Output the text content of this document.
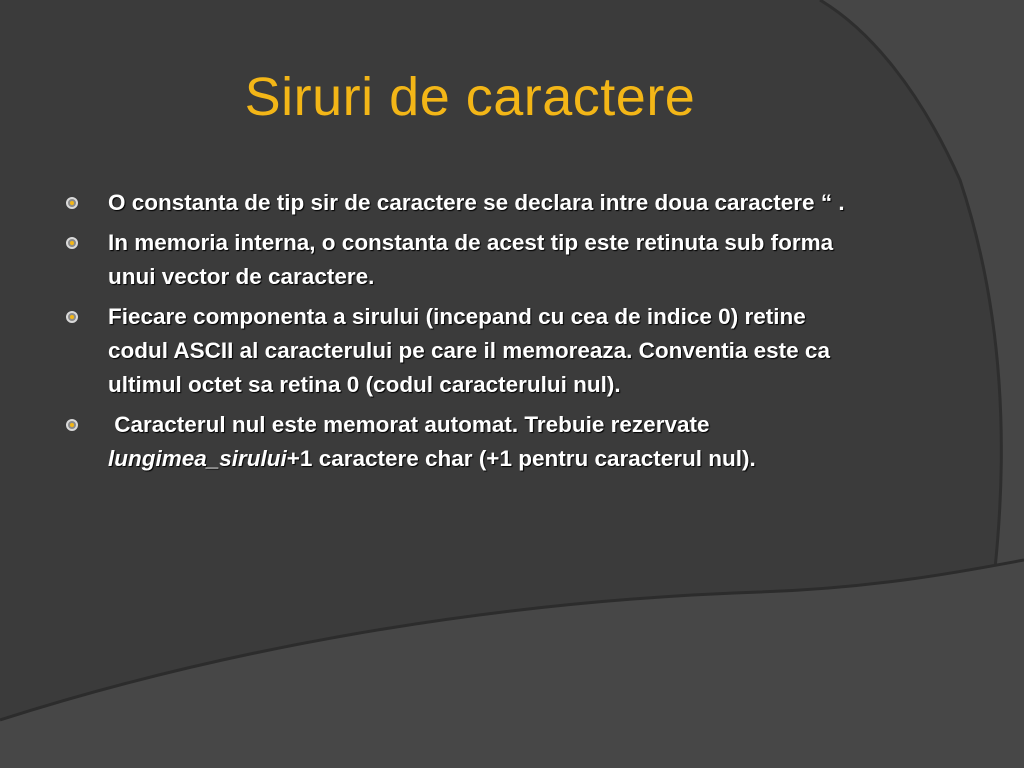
Siruri de caractere
O constanta de tip sir de caractere se declara intre doua caractere “ .
In memoria interna, o constanta de acest tip este retinuta sub forma unui vector de caractere.
Fiecare componenta a sirului (incepand cu cea de indice 0) retine codul ASCII al caracterului pe care il memoreaza. Conventia este ca ultimul octet sa retina 0 (codul caracterului nul).
Caracterul nul este memorat automat. Trebuie rezervate lungimea_sirului+1 caractere char (+1 pentru caracterul nul).
